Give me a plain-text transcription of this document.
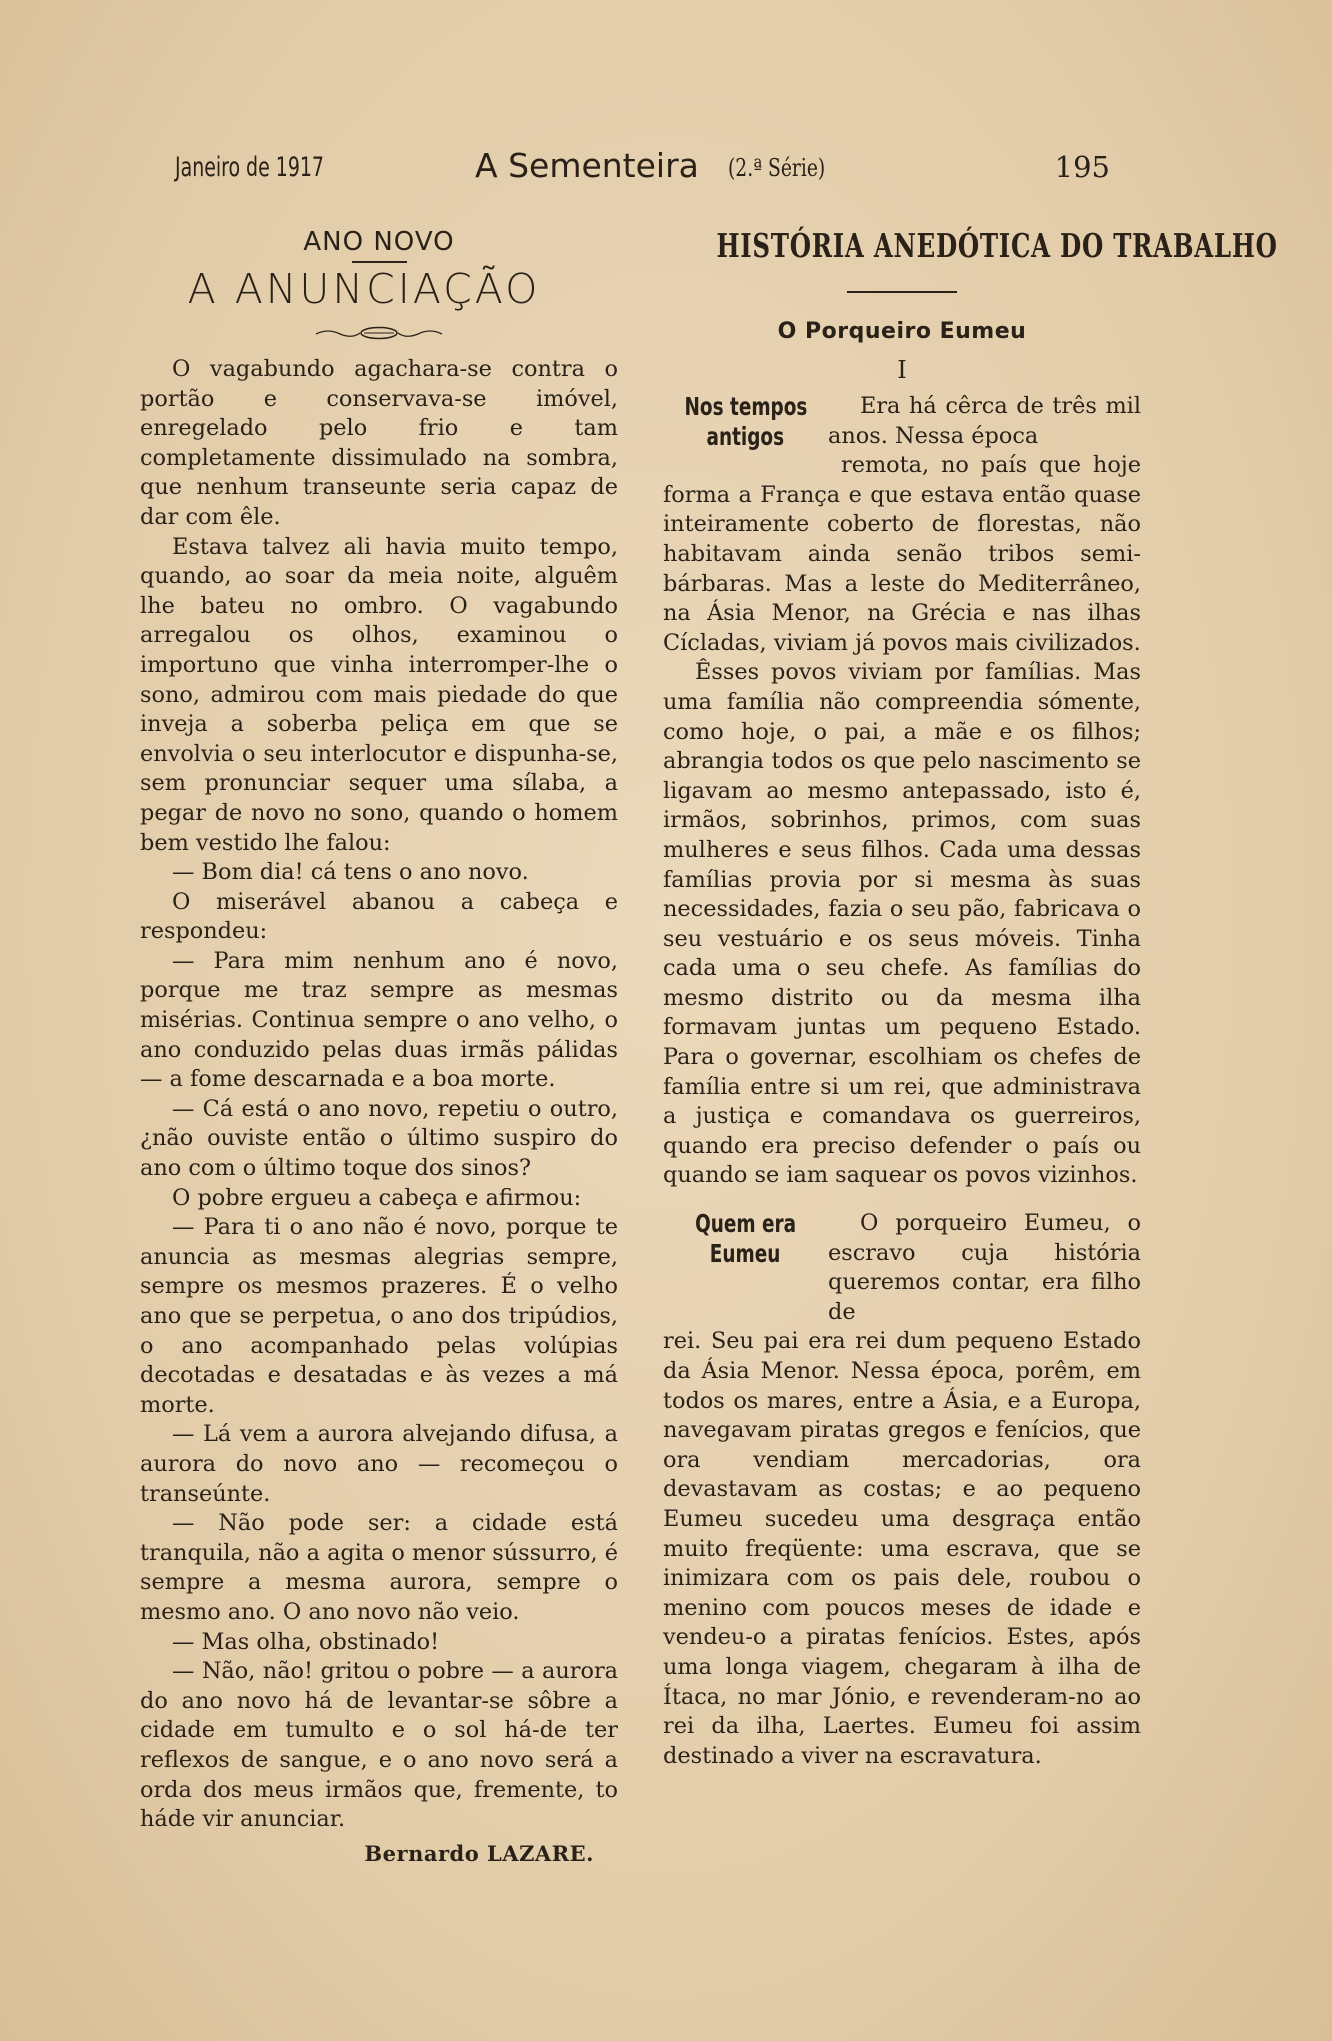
Janeiro de 1917	A Sementeira (2.ª Série)	195
ANO NOVO
A ANUNCIAÇÃO

O vagabundo agachara-se contra o portão e conservava-se imóvel, enregelado pelo frio e tam completamente dissimulado na sombra, que nenhum transeunte seria capaz de dar com êle.

Estava talvez ali havia muito tempo, quando, ao soar da meia noite, alguêm lhe bateu no ombro. O vagabundo arregalou os olhos, examinou o importuno que vinha interromper-lhe o sono, admirou com mais piedade do que inveja a soberba peliça em que se envolvia o seu interlocutor e dispunha-se, sem pronunciar sequer uma sílaba, a pegar de novo no sono, quando o homem bem vestido lhe falou:

— Bom dia! cá tens o ano novo.

O miserável abanou a cabeça e respondeu:

— Para mim nenhum ano é novo, porque me traz sempre as mesmas misérias. Continua sempre o ano velho, o ano conduzido pelas duas irmãs pálidas — a fome descarnada e a boa morte.

— Cá está o ano novo, repetiu o outro, ¿não ouviste então o último suspiro do ano com o último toque dos sinos?

O pobre ergueu a cabeça e afirmou:

— Para ti o ano não é novo, porque te anuncia as mesmas alegrias sempre, sempre os mesmos prazeres. É o velho ano que se perpetua, o ano dos tripúdios, o ano acompanhado pelas volúpias decotadas e desatadas e às vezes a má morte.

— Lá vem a aurora alvejando difusa, a aurora do novo ano — recomeçou o transeúnte.

— Não pode ser: a cidade está tranquila, não a agita o menor sússurro, é sempre a mesma aurora, sempre o mesmo ano. O ano novo não veio.

— Mas olha, obstinado!

— Não, não! gritou o pobre — a aurora do ano novo há de levantar-se sôbre a cidade em tumulto e o sol há-de ter reflexos de sangue, e o ano novo será a orda dos meus irmãos que, fremente, to háde vir anunciar.

Bernardo LAZARE.
HISTÓRIA ANEDÓTICA DO TRABALHO
O Porqueiro Eumeu
I
Nos tempos
antigos

Era há cêrca de três mil anos. Nessa época

remota, no país que hoje forma a França e que estava então quase inteiramente coberto de florestas, não habitavam ainda senão tribos semi-bárbaras. Mas a leste do Mediterrâneo, na Ásia Menor, na Grécia e nas ilhas Cícladas, viviam já povos mais civilizados.

Êsses povos viviam por famílias. Mas uma família não compreendia sómente, como hoje, o pai, a mãe e os filhos; abrangia todos os que pelo nascimento se ligavam ao mesmo antepassado, isto é, irmãos, sobrinhos, primos, com suas mulheres e seus filhos. Cada uma dessas famílias provia por si mesma às suas necessidades, fazia o seu pão, fabricava o seu vestuário e os seus móveis. Tinha cada uma o seu chefe. As famílias do mesmo distrito ou da mesma ilha formavam juntas um pequeno Estado. Para o governar, escolhiam os chefes de família entre si um rei, que administrava a justiça e comandava os guerreiros, quando era preciso defender o país ou quando se iam saquear os povos vizinhos.

Quem era
Eumeu

O porqueiro Eumeu, o escravo cuja história queremos contar, era filho de

rei. Seu pai era rei dum pequeno Estado da Ásia Menor. Nessa época, porêm, em todos os mares, entre a Ásia, e a Europa, navegavam piratas gregos e fenícios, que ora vendiam mercadorias, ora devastavam as costas; e ao pequeno Eumeu sucedeu uma desgraça então muito freqüente: uma escrava, que se inimizara com os pais dele, roubou o menino com poucos meses de idade e vendeu-o a piratas fenícios. Estes, após uma longa viagem, chegaram à ilha de Ítaca, no mar Jónio, e revenderam-no ao rei da ilha, Laertes. Eumeu foi assim destinado a viver na escravatura.
